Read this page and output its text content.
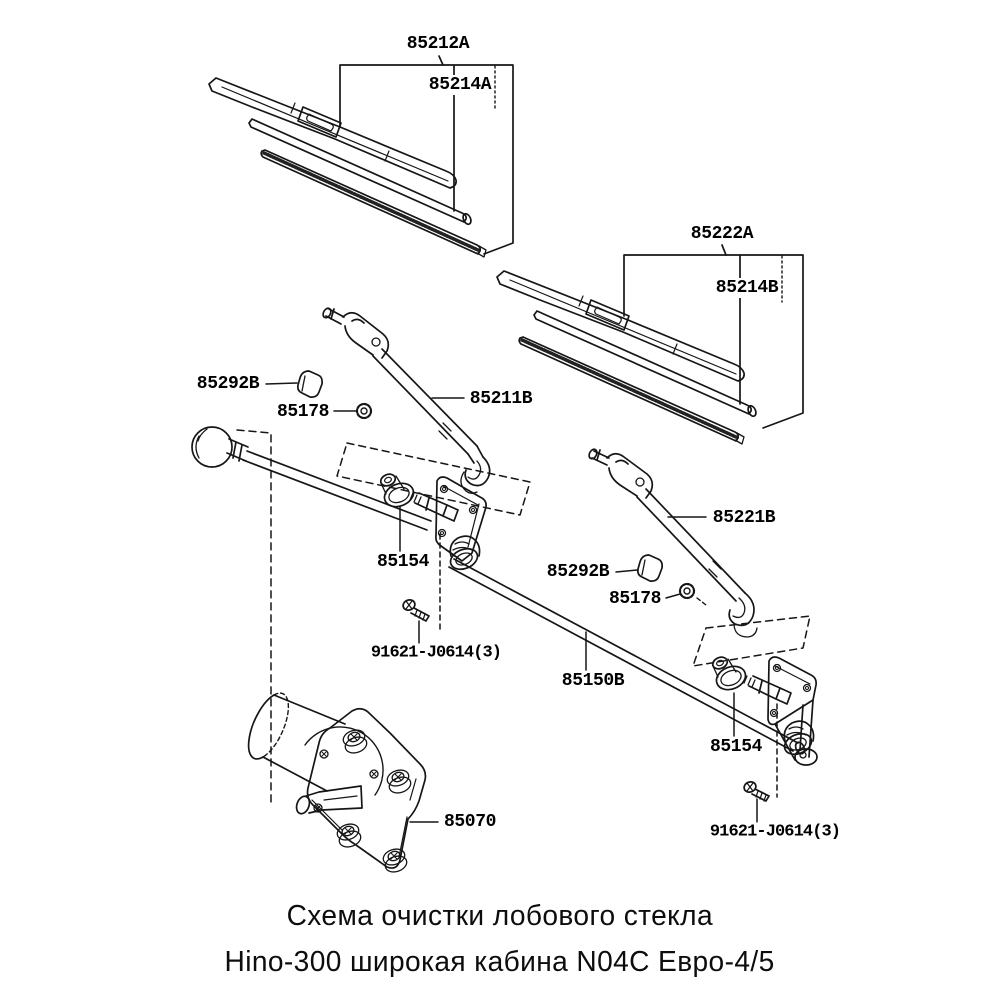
85212A
85214A
85222A
85214B
85292B
85178
85211B
85221B
85154	85292B
85178
91621-J0614(3)
85150B
85154
85070	91621-J0614(3)
Схема очистки лобового стекла
Hino-300 широкая кабина N04C Евро-4/5
